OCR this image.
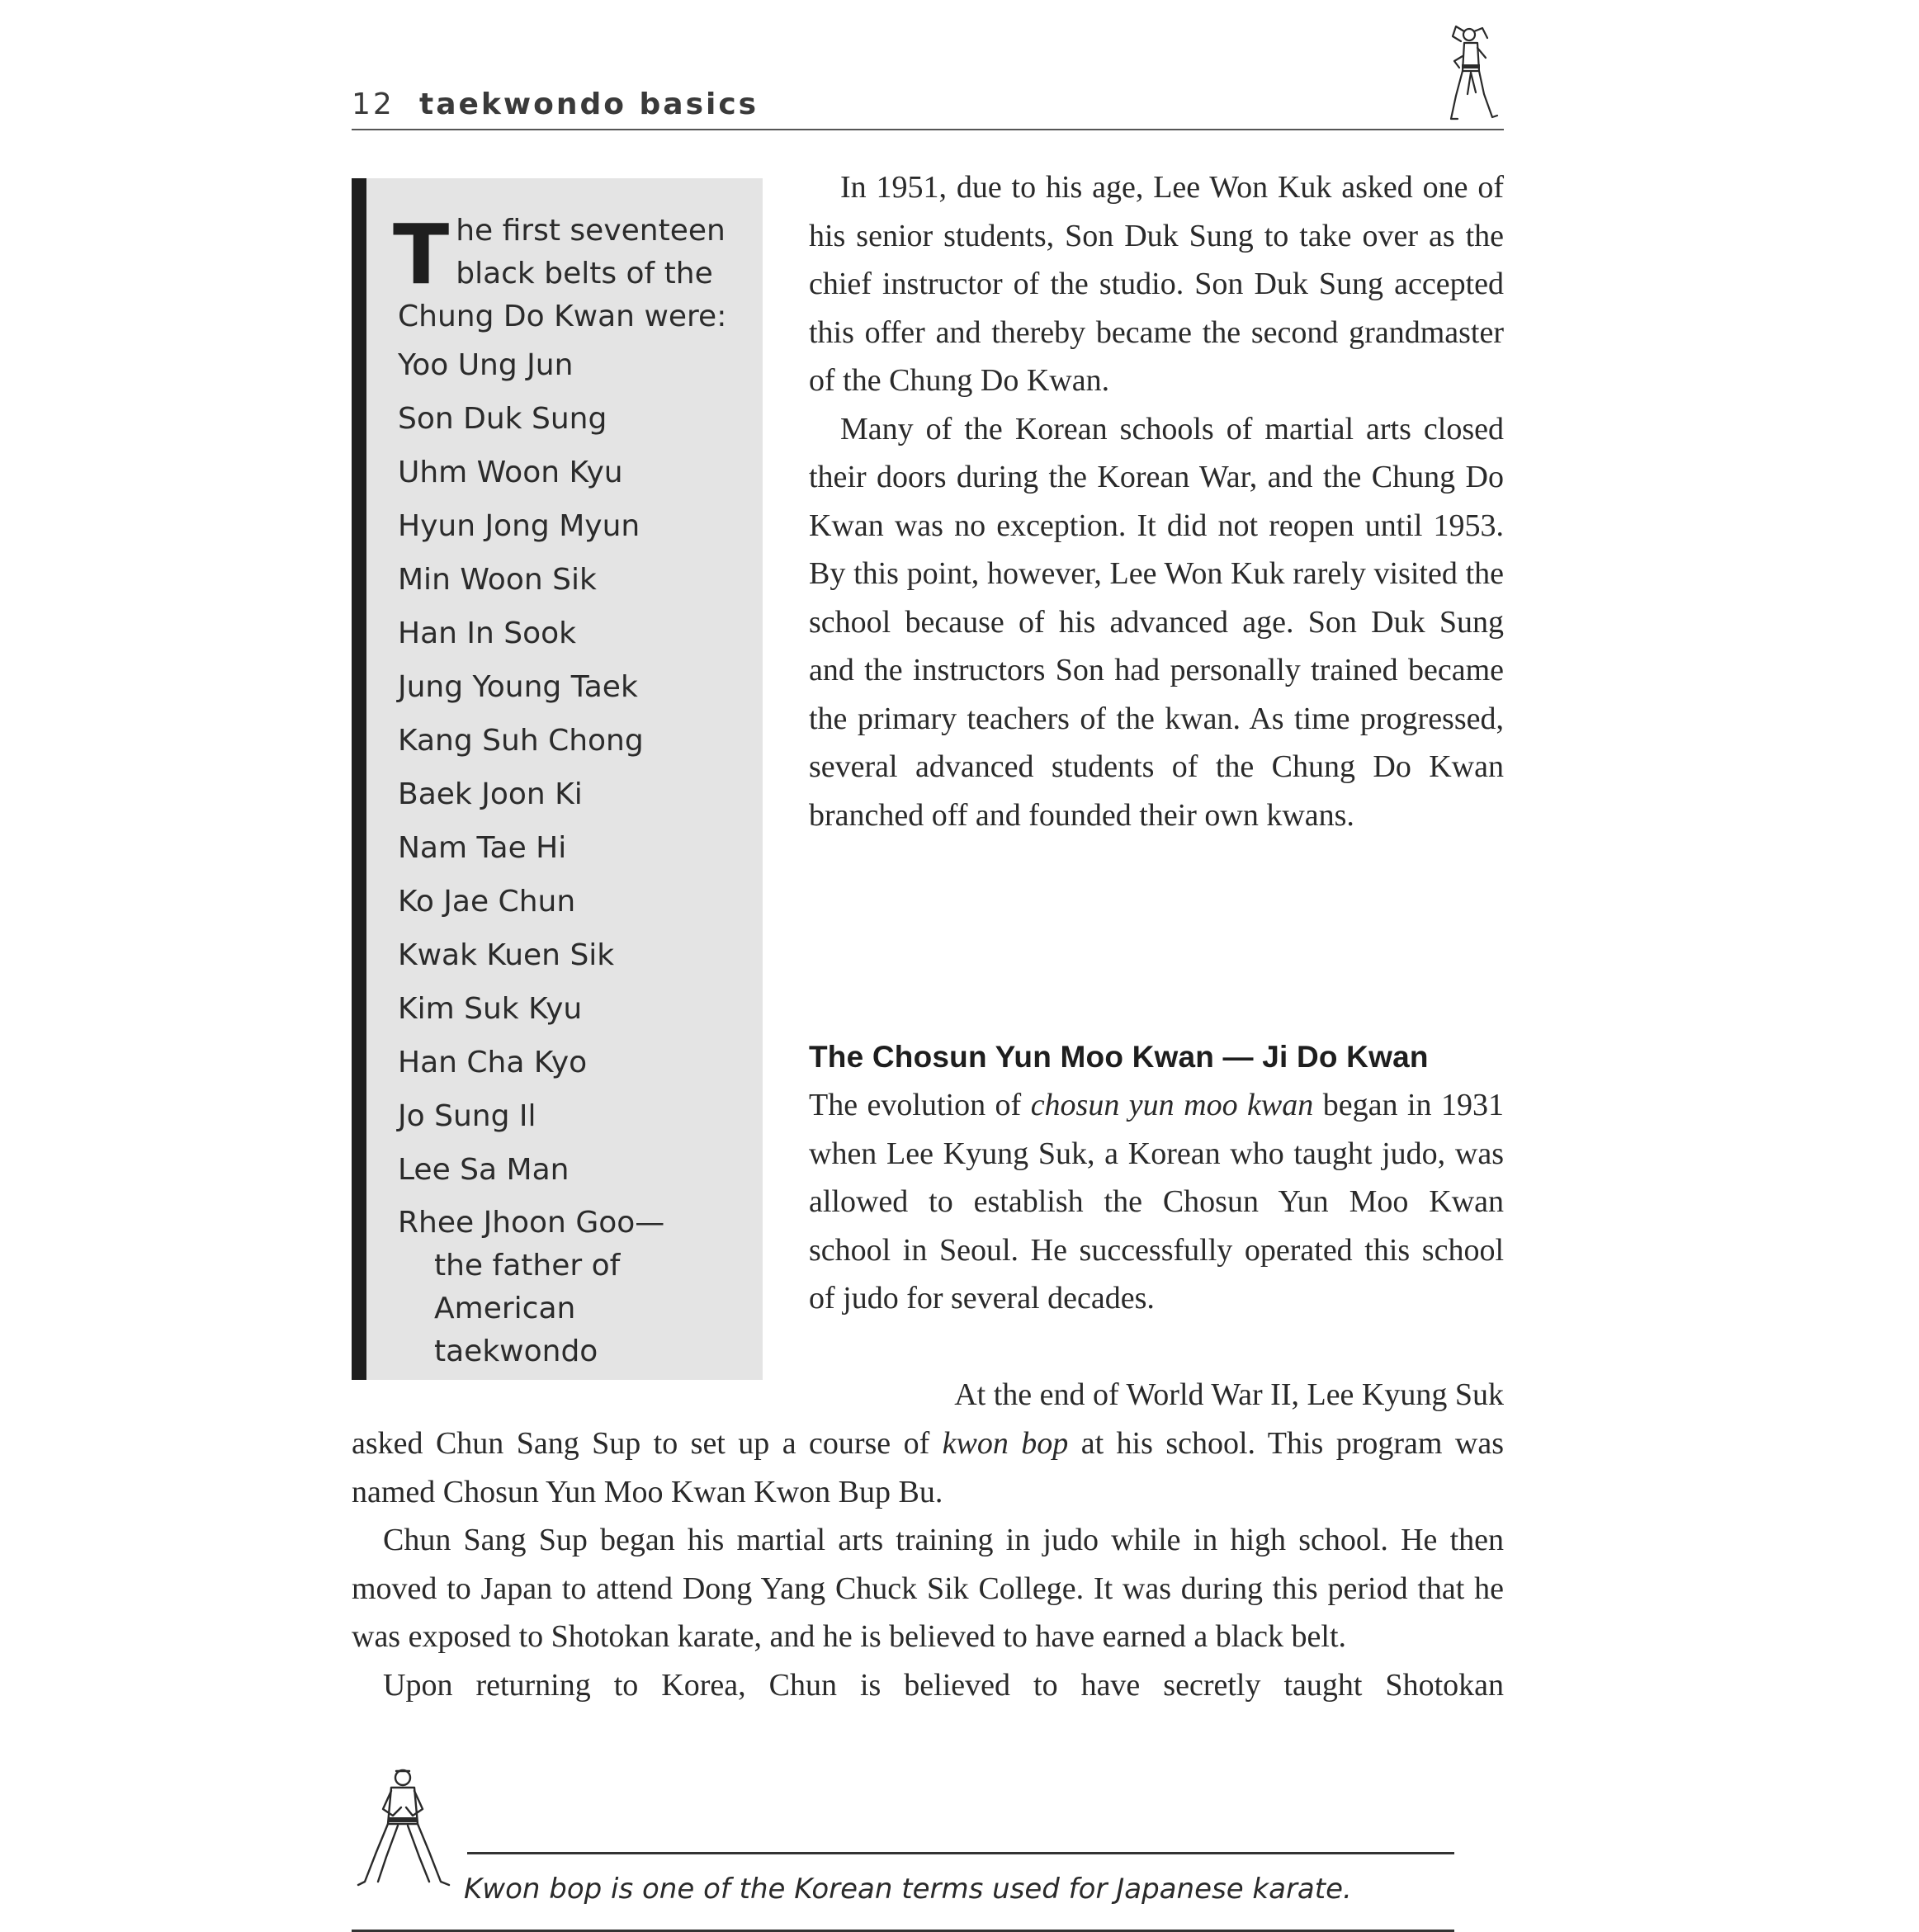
12 taekwondo basics
The first seventeen black belts of the Chung Do Kwan were:
Yoo Ung Jun
Son Duk Sung
Uhm Woon Kyu
Hyun Jong Myun
Min Woon Sik
Han In Sook
Jung Young Taek
Kang Suh Chong
Baek Joon Ki
Nam Tae Hi
Ko Jae Chun
Kwak Kuen Sik
Kim Suk Kyu
Han Cha Kyo
Jo Sung Il
Lee Sa Man
Rhee Jhoon Goo—
the father of
American taekwondo

In 1951, due to his age, Lee Won Kuk asked one of his senior students, Son Duk Sung to take over as the chief instructor of the studio. Son Duk Sung accepted this offer and thereby became the second grandmaster of the Chung Do Kwan.

Many of the Korean schools of martial arts closed their doors during the Korean War, and the Chung Do Kwan was no exception. It did not reopen until 1953. By this point, however, Lee Won Kuk rarely visited the school because of his advanced age. Son Duk Sung and the instructors Son had personally trained became the primary teachers of the kwan. As time progressed, several advanced students of the Chung Do Kwan branched off and founded their own kwans.

The Chosun Yun Moo Kwan — Ji Do Kwan

The evolution of chosun yun moo kwan began in 1931 when Lee Kyung Suk, a Korean who taught judo, was allowed to establish the Chosun Yun Moo Kwan school in Seoul. He successfully operated this school of judo for several decades.

At the end of World War II, Lee Kyung Suk

asked Chun Sang Sup to set up a course of kwon bop at his school. This program was named Chosun Yun Moo Kwan Kwon Bup Bu.

Chun Sang Sup began his martial arts training in judo while in high school. He then moved to Japan to attend Dong Yang Chuck Sik College. It was during this period that he was exposed to Shotokan karate, and he is believed to have earned a black belt.

Upon returning to Korea, Chun is believed to have secretly taught Shotokan

Kwon bop is one of the Korean terms used for Japanese karate.
